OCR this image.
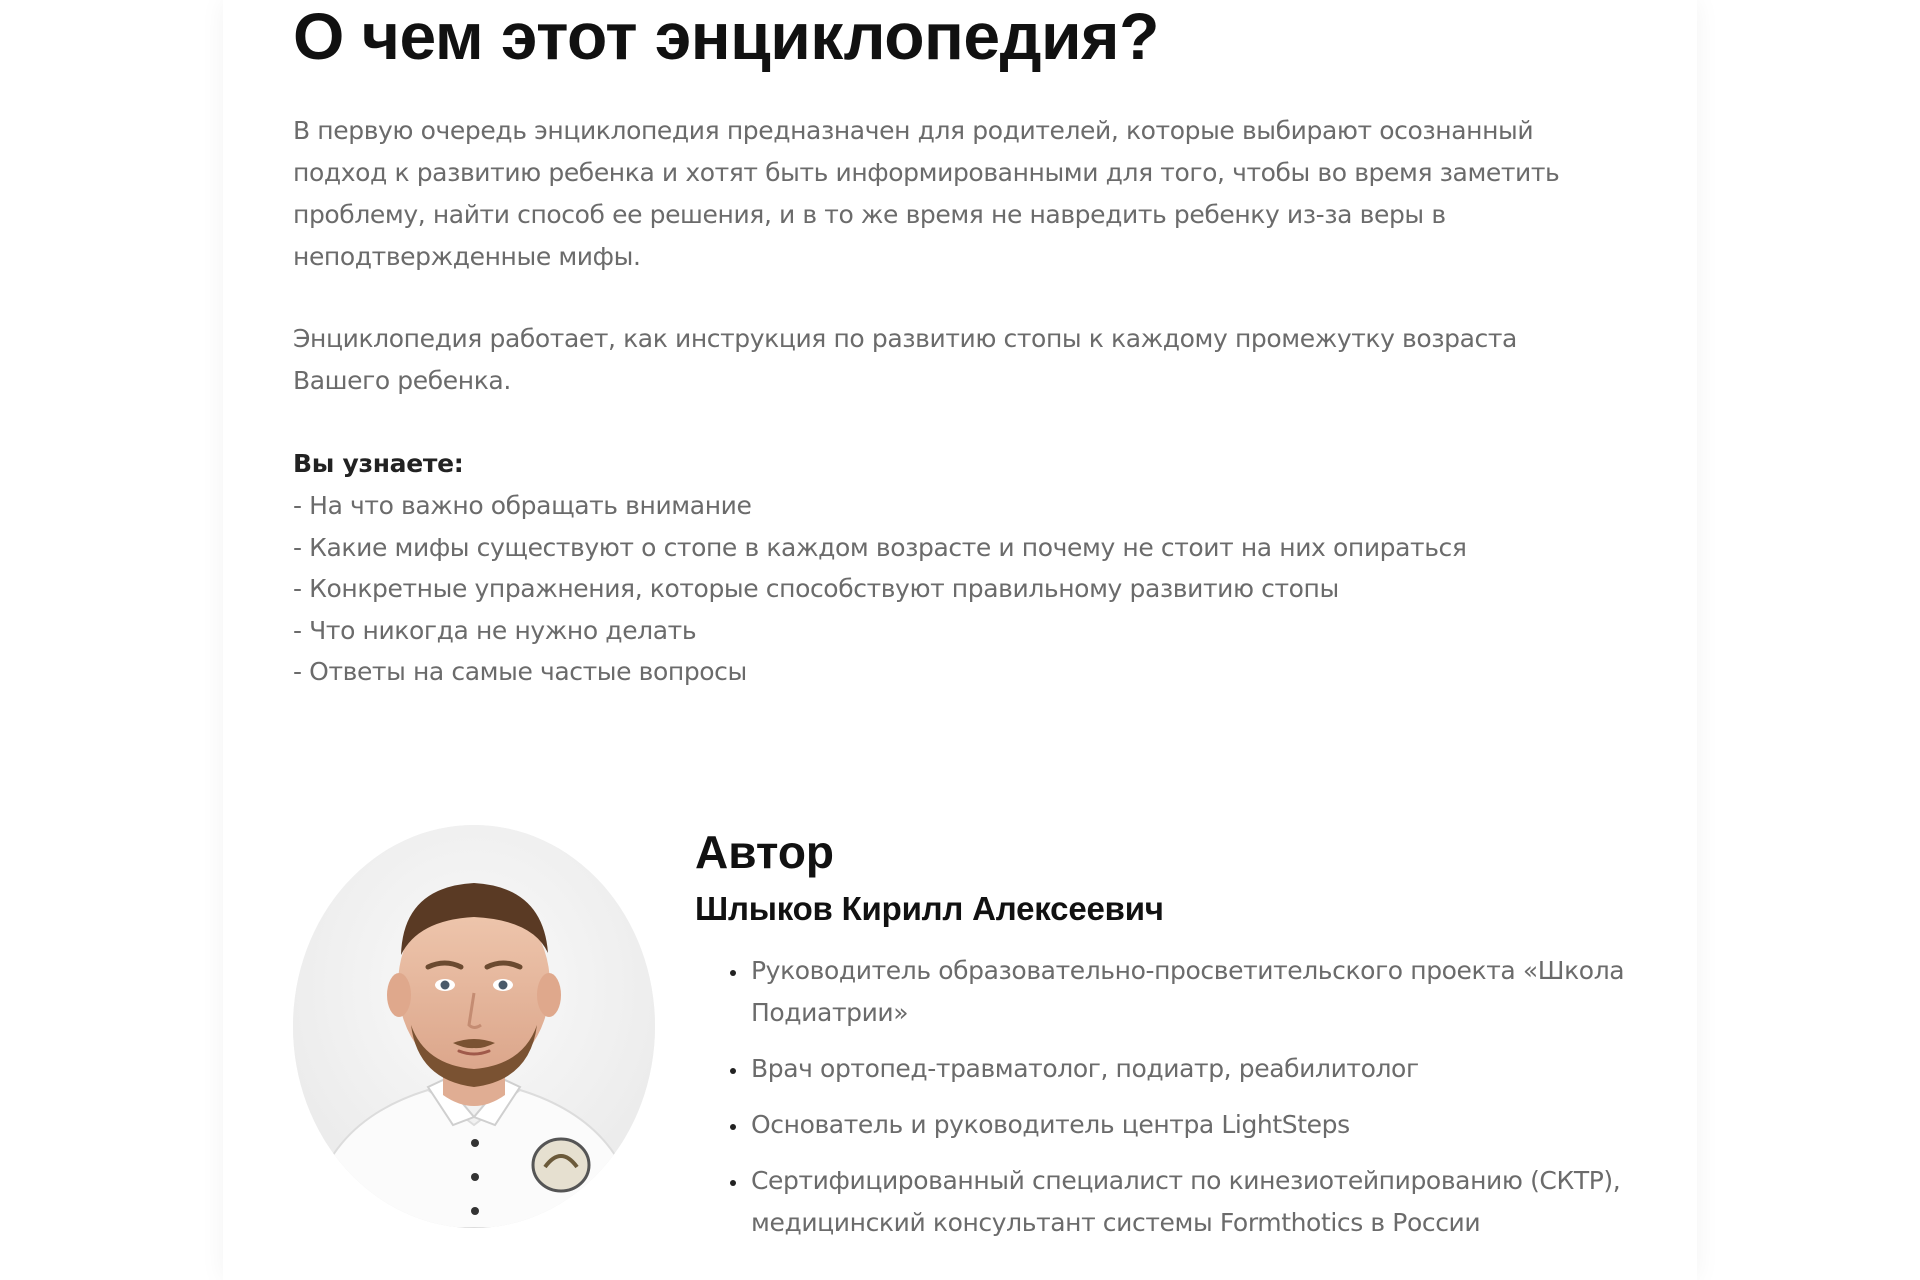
О чем этот энциклопедия?

В первую очередь энциклопедия предназначен для родителей, которые выбирают осознанный подход к развитию ребенка и хотят быть информированными для того, чтобы во время заметить проблему, найти способ ее решения, и в то же время не навредить ребенку из-за веры в неподтвержденные мифы.

Энциклопедия работает, как инструкция по развитию стопы к каждому промежутку возраста Вашего ребенка.

Вы узнаете:

- На что важно обращать внимание
- Какие мифы существуют о стопе в каждом возрасте и почему не стоит на них опираться
- Конкретные упражнения, которые способствуют правильному развитию стопы
- Что никогда не нужно делать
- Ответы на самые частые вопросы
Автор

Шлыков Кирилл Алексеевич

• Руководитель образовательно-просветительского проекта «Школа Подиатрии»
• Врач ортопед-травматолог, подиатр, реабилитолог
• Основатель и руководитель центра LightSteps
• Сертифицированный специалист по кинезиотейпированию (СКТР), медицинский консультант системы Formthotics в России
